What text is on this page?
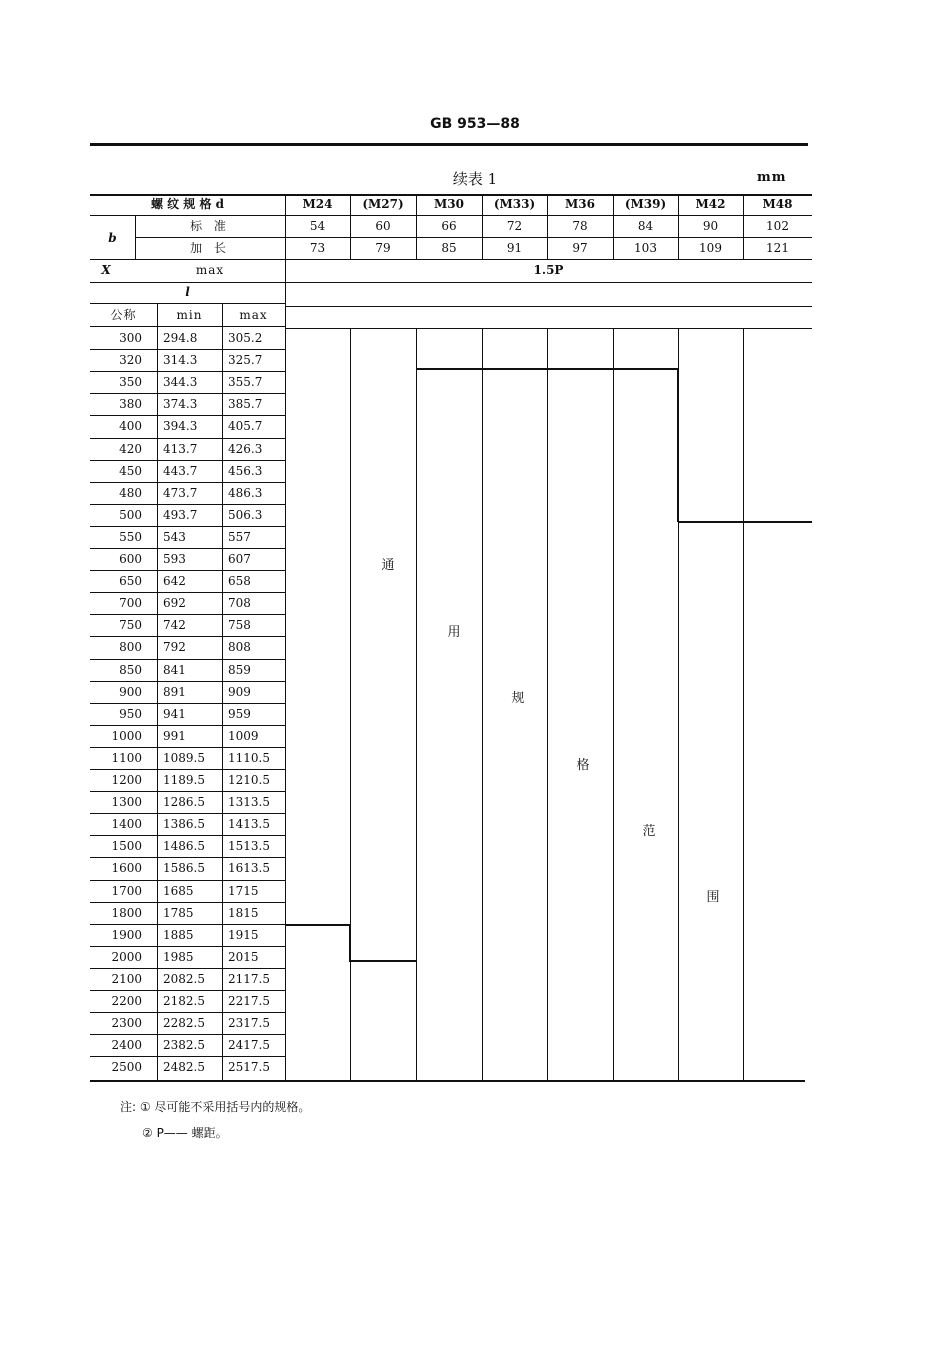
GB 953—88
续表 1	mm
螺 纹 规 格 d	M24	(M27)	M30	(M33)	M36	(M39)	M42	M48
b
标 准	54	60	66	72	78	84	90	102
加 长	73	79	85	91	97	103	109	121
X	max	1.5P
l
公称	min	max
300 294.8	305.2
320 314.3	325.7
350 344.3	355.7
380 374.3	385.7
400 394.3	405.7
420 413.7	426.3
450 443.7	456.3
480 473.7	486.3
500 493.7	506.3
550 543	557
600 593	607
650 642	658
700 692	708
750 742	758
800 792	808
850 841	859
900 891	909
950 941	959
1000 991	1009
1100 1089.5	1110.5
1200 1189.5	1210.5
1300 1286.5	1313.5
1400 1386.5	1413.5
1500 1486.5	1513.5
1600 1586.5	1613.5
1700 1685	1715
1800 1785	1815
1900 1885	1915
2000 1985	2015
2100 2082.5	2117.5
2200 2182.5	2217.5
2300 2282.5	2317.5
2400 2382.5	2417.5
2500 2482.5	2517.5
通
用
规
格
范
围
注: ① 尽可能不采用括号内的规格。
② P—— 螺距。
